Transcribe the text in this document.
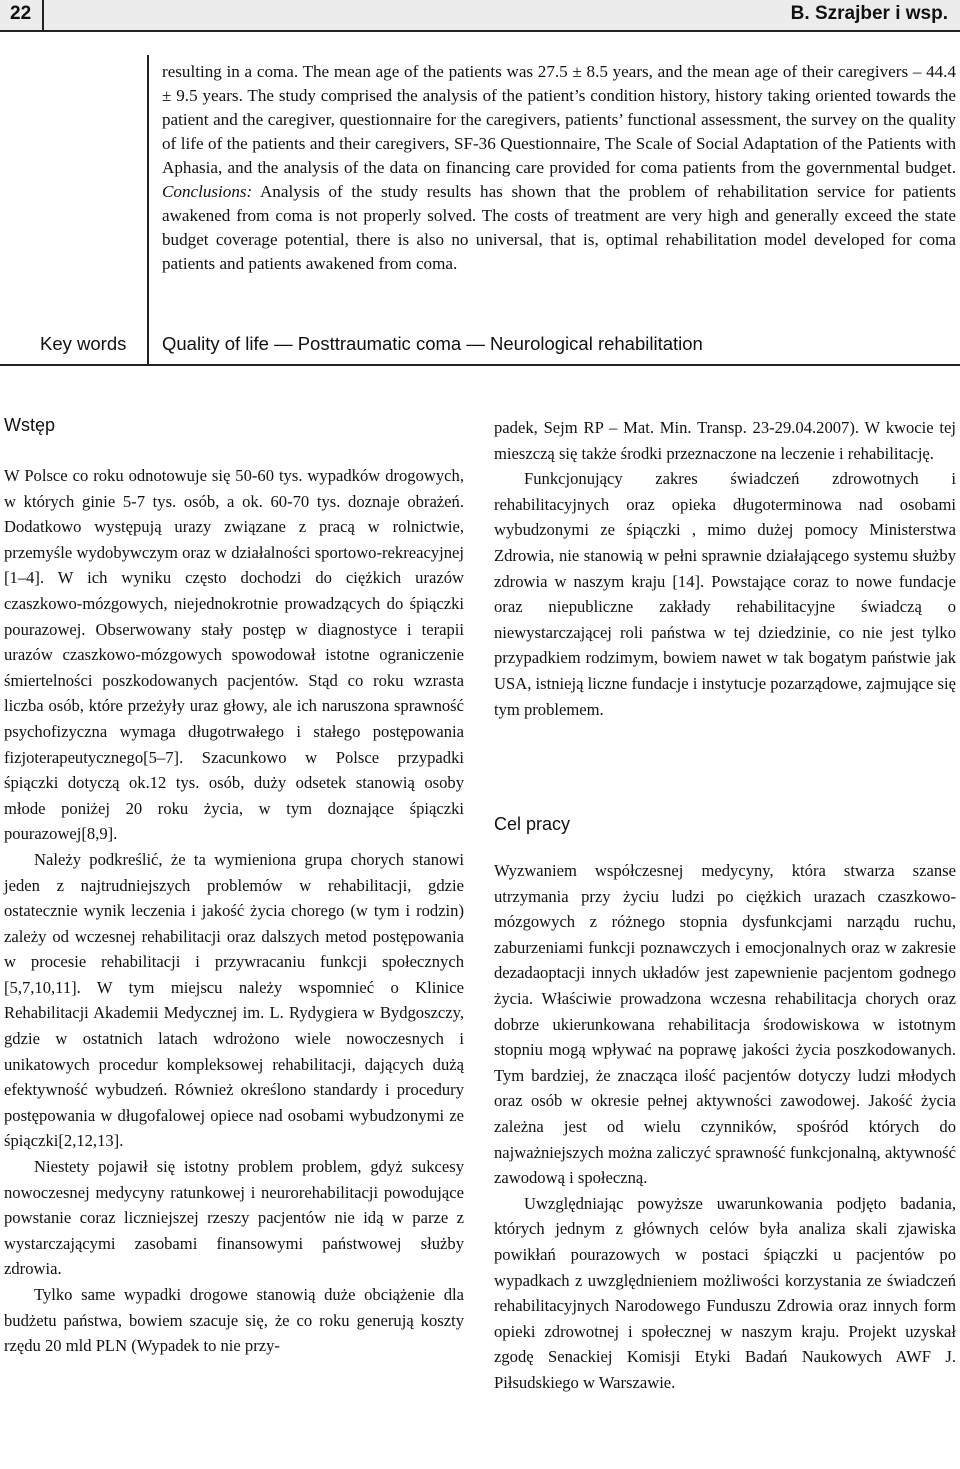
22	B. Szrajber i wsp.

resulting in a coma. The mean age of the patients was 27.5 ± 8.5 years, and the mean age of their caregivers – 44.4 ± 9.5 years. The study comprised the analysis of the patient’s condition history, history taking oriented towards the patient and the caregiver, questionnaire for the caregivers, patients’ functional assessment, the survey on the quality of life of the patients and their caregivers, SF-36 Questionnaire, The Scale of Social Adaptation of the Patients with Aphasia, and the analysis of the data on financing care provided for coma patients from the governmental budget. Conclusions: Analysis of the study results has shown that the problem of rehabilitation service for patients awakened from coma is not properly solved. The costs of treatment are very high and generally exceed the state budget coverage potential, there is also no universal, that is, optimal rehabilitation model developed for coma patients and patients awakened from coma.

Key words Quality of life — Posttraumatic coma — Neurological rehabilitation
Wstęp
Cel pracy

W Polsce co roku odnotowuje się 50-60 tys. wypadków drogowych, w których ginie 5-7 tys. osób, a ok. 60-70 tys. doznaje obrażeń. Dodatkowo występują urazy związane z pracą w rolnictwie, przemyśle wydobywczym oraz w działalności sportowo-rekreacyjnej [1–4]. W ich wyniku często dochodzi do ciężkich urazów czaszkowo-mózgowych, niejednokrotnie prowadzących do śpiączki pourazowej. Obserwowany stały postęp w diagnostyce i terapii urazów czaszkowo-mózgowych spowodował istotne ograniczenie śmiertelności poszkodowanych pacjentów. Stąd co roku wzrasta liczba osób, które przeżyły uraz głowy, ale ich naruszona sprawność psychofizyczna wymaga długotrwałego i stałego postępowania fizjoterapeutycznego[5–7]. Szacunkowo w Polsce przypadki śpiączki dotyczą ok.12 tys. osób, duży odsetek stanowią osoby młode poniżej 20 roku życia, w tym doznające śpiączki pourazowej[8,9].

Należy podkreślić, że ta wymieniona grupa chorych stanowi jeden z najtrudniejszych problemów w rehabilitacji, gdzie ostatecznie wynik leczenia i jakość życia chorego (w tym i rodzin) zależy od wczesnej rehabilitacji oraz dalszych metod postępowania w procesie rehabilitacji i przywracaniu funkcji społecznych [5,7,10,11]. W tym miejscu należy wspomnieć o Klinice Rehabilitacji Akademii Medycznej im. L. Rydygiera w Bydgoszczy, gdzie w ostatnich latach wdrożono wiele nowoczesnych i unikatowych procedur kompleksowej rehabilitacji, dających dużą efektywność wybudzeń. Również określono standardy i procedury postępowania w długofalowej opiece nad osobami wybudzonymi ze śpiączki[2,12,13].

Niestety pojawił się istotny problem problem, gdyż sukcesy nowoczesnej medycyny ratunkowej i neurorehabilitacji powodujące powstanie coraz liczniejszej rzeszy pacjentów nie idą w parze z wystarczającymi zasobami finansowymi państwowej służby zdrowia.

Tylko same wypadki drogowe stanowią duże obciążenie dla budżetu państwa, bowiem szacuje się, że co roku generują koszty rzędu 20 mld PLN (Wypadek to nie przy-

padek, Sejm RP – Mat. Min. Transp. 23-29.04.2007). W kwocie tej mieszczą się także środki przeznaczone na leczenie i rehabilitację.

Funkcjonujący zakres świadczeń zdrowotnych i rehabilitacyjnych oraz opieka długoterminowa nad osobami wybudzonymi ze śpiączki , mimo dużej pomocy Ministerstwa Zdrowia, nie stanowią w pełni sprawnie działającego systemu służby zdrowia w naszym kraju [14]. Powstające coraz to nowe fundacje oraz niepubliczne zakłady rehabilitacyjne świadczą o niewystarczającej roli państwa w tej dziedzinie, co nie jest tylko przypadkiem rodzimym, bowiem nawet w tak bogatym państwie jak USA, istnieją liczne fundacje i instytucje pozarządowe, zajmujące się tym problemem.

Wyzwaniem współczesnej medycyny, która stwarza szanse utrzymania przy życiu ludzi po ciężkich urazach czaszkowo-mózgowych z różnego stopnia dysfunkcjami narządu ruchu, zaburzeniami funkcji poznawczych i emocjonalnych oraz w zakresie dezadaoptacji innych układów jest zapewnienie pacjentom godnego życia. Właściwie prowadzona wczesna rehabilitacja chorych oraz dobrze ukierunkowana rehabilitacja środowiskowa w istotnym stopniu mogą wpływać na poprawę jakości życia poszkodowanych. Tym bardziej, że znacząca ilość pacjentów dotyczy ludzi młodych oraz osób w okresie pełnej aktywności zawodowej. Jakość życia zależna jest od wielu czynników, spośród których do najważniejszych można zaliczyć sprawność funkcjonalną, aktywność zawodową i społeczną.

Uwzględniając powyższe uwarunkowania podjęto badania, których jednym z głównych celów była analiza skali zjawiska powikłań pourazowych w postaci śpiączki u pacjentów po wypadkach z uwzględnieniem możliwości korzystania ze świadczeń rehabilitacyjnych Narodowego Funduszu Zdrowia oraz innych form opieki zdrowotnej i społecznej w naszym kraju. Projekt uzyskał zgodę Senackiej Komisji Etyki Badań Naukowych AWF J. Piłsudskiego w Warszawie.
